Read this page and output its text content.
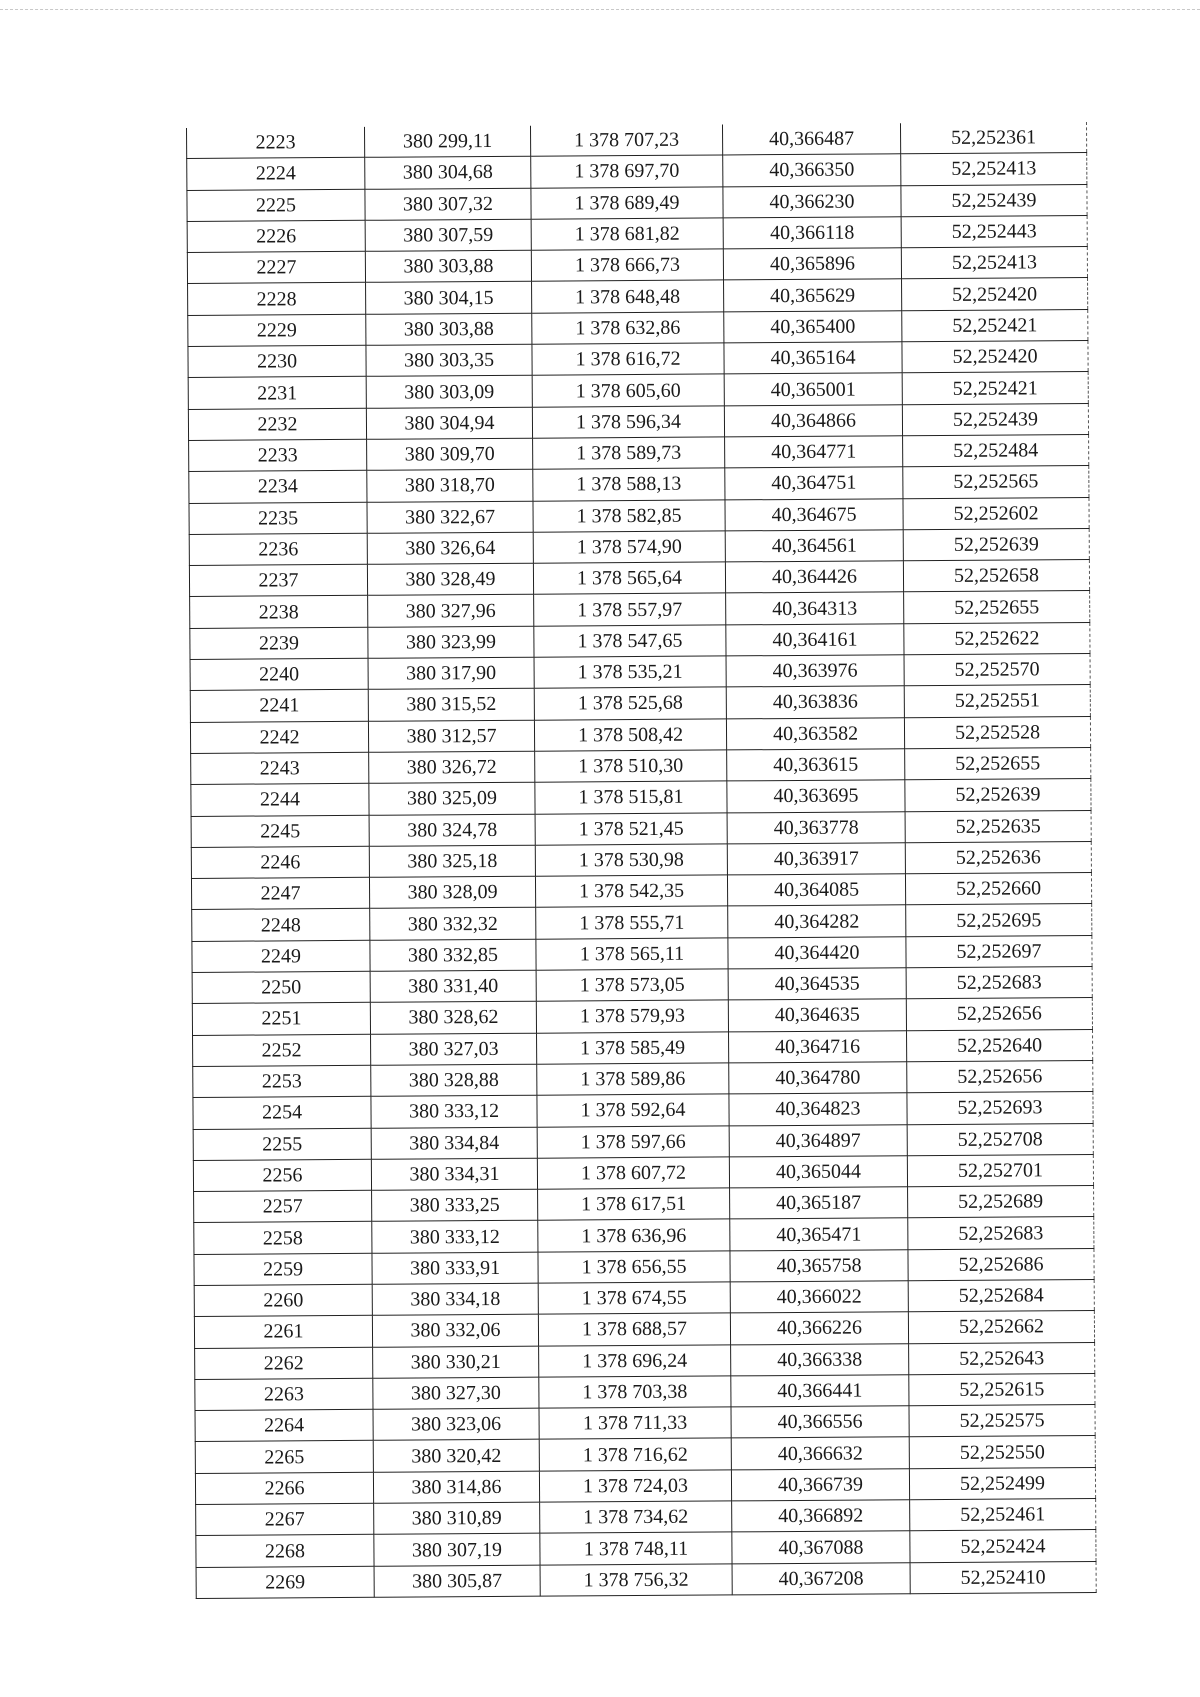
2223	380 299,11	1 378 707,23	40,366487	52,252361
2224	380 304,68	1 378 697,70	40,366350	52,252413
2225	380 307,32	1 378 689,49	40,366230	52,252439
2226	380 307,59	1 378 681,82	40,366118	52,252443
2227	380 303,88	1 378 666,73	40,365896	52,252413
2228	380 304,15	1 378 648,48	40,365629	52,252420
2229	380 303,88	1 378 632,86	40,365400	52,252421
2230	380 303,35	1 378 616,72	40,365164	52,252420
2231	380 303,09	1 378 605,60	40,365001	52,252421
2232	380 304,94	1 378 596,34	40,364866	52,252439
2233	380 309,70	1 378 589,73	40,364771	52,252484
2234	380 318,70	1 378 588,13	40,364751	52,252565
2235	380 322,67	1 378 582,85	40,364675	52,252602
2236	380 326,64	1 378 574,90	40,364561	52,252639
2237	380 328,49	1 378 565,64	40,364426	52,252658
2238	380 327,96	1 378 557,97	40,364313	52,252655
2239	380 323,99	1 378 547,65	40,364161	52,252622
2240	380 317,90	1 378 535,21	40,363976	52,252570
2241	380 315,52	1 378 525,68	40,363836	52,252551
2242	380 312,57	1 378 508,42	40,363582	52,252528
2243	380 326,72	1 378 510,30	40,363615	52,252655
2244	380 325,09	1 378 515,81	40,363695	52,252639
2245	380 324,78	1 378 521,45	40,363778	52,252635
2246	380 325,18	1 378 530,98	40,363917	52,252636
2247	380 328,09	1 378 542,35	40,364085	52,252660
2248	380 332,32	1 378 555,71	40,364282	52,252695
2249	380 332,85	1 378 565,11	40,364420	52,252697
2250	380 331,40	1 378 573,05	40,364535	52,252683
2251	380 328,62	1 378 579,93	40,364635	52,252656
2252	380 327,03	1 378 585,49	40,364716	52,252640
2253	380 328,88	1 378 589,86	40,364780	52,252656
2254	380 333,12	1 378 592,64	40,364823	52,252693
2255	380 334,84	1 378 597,66	40,364897	52,252708
2256	380 334,31	1 378 607,72	40,365044	52,252701
2257	380 333,25	1 378 617,51	40,365187	52,252689
2258	380 333,12	1 378 636,96	40,365471	52,252683
2259	380 333,91	1 378 656,55	40,365758	52,252686
2260	380 334,18	1 378 674,55	40,366022	52,252684
2261	380 332,06	1 378 688,57	40,366226	52,252662
2262	380 330,21	1 378 696,24	40,366338	52,252643
2263	380 327,30	1 378 703,38	40,366441	52,252615
2264	380 323,06	1 378 711,33	40,366556	52,252575
2265	380 320,42	1 378 716,62	40,366632	52,252550
2266	380 314,86	1 378 724,03	40,366739	52,252499
2267	380 310,89	1 378 734,62	40,366892	52,252461
2268	380 307,19	1 378 748,11	40,367088	52,252424
2269	380 305,87	1 378 756,32	40,367208	52,252410
